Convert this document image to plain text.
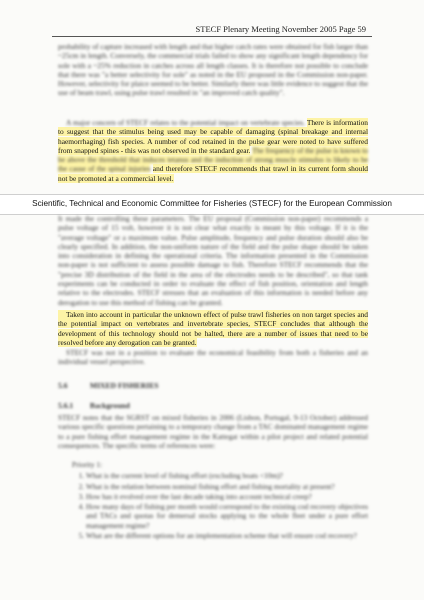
STECF Plenary Meeting November 2005 Page 59
probability of capture increased with length and that higher catch rates were obtained for fish larger than ~25cm in length. Conversely, the commercial trials failed to show any significant length dependency for sole with a ~25% reduction in catches across all length classes. It is therefore not possible to conclude that there was "a better selectivity for sole" as noted in the EU proposed in the Commission non-paper. However, selectivity for plaice seemed to be better. Similarly there was little evidence to suggest that the use of beam trawl, using pulse trawl resulted in "an improved catch quality".
A major concern of STECF relates to the potential impact on vertebrate species. There is information to suggest that the stimulus being used may be capable of damaging (spinal breakage and internal haemorrhaging) fish species. A number of cod retained in the pulse gear were noted to have suffered from snapped spines - this was not observed in the standard gear. The frequency of the pulse is known to be above the threshold that induces tetanus and the induction of strong muscle stimulus is likely to be the cause of the spinal injuries and therefore STECF recommends that trawl in its current form should not be promoted at a commercial level.
Scientific, Technical and Economic Committee for Fisheries (STECF) for the European Commission
It made the controlling these parameters. The EU proposal (Commission non-paper) recommends a pulse voltage of 15 volt, however it is not clear what exactly is meant by this voltage. If it is the "average voltage" or a maximum value. Pulse amplitude, frequency and pulse duration should also be clearly specified. In addition, the non-uniform nature of the field and the pulse shape should be taken into consideration in defining the operational criteria. The information presented in the Commission non-paper is not sufficient to assess possible damage to fish. Therefore STECF recommends that the "precise 3D distribution of the field in the area of the electrodes needs to be described", so that tank experiments can be conducted in order to evaluate the effect of fish position, orientation and length relative to the electrodes. STECF stresses that an evaluation of this information is needed before any derogation to use this method of fishing can be granted.
Taken into account in particular the unknown effect of pulse trawl fisheries on non target species and the potential impact on vertebrates and invertebrate species, STECF concludes that although the development of this technology should not be halted, there are a number of issues that need to be resolved before any derogation can be granted.
STECF was not in a position to evaluate the economical feasibility from both a fisheries and an individual vessel perspective.
5.6	MIXED FISHERIES
5.6.1 Background
STECF notes that the SGRST on mixed fisheries in 2006 (Lisbon, Portugal, 9-13 October) addressed various specific questions pertaining to a temporary change from a TAC dominated management regime to a pure fishing effort management regime in the Kattegat within a pilot project and related potential consequences. The specific terms of references were:
Priority 1:
1. What is the current level of fishing effort (excluding boats <10m)?
2. What is the relation between nominal fishing effort and fishing mortality at present?
3. How has it evolved over the last decade taking into account technical creep?
4. How many days of fishing per month would correspond to the existing cod recovery objectives and TACs and quotas for demersal stocks applying to the whole fleet under a pure effort management regime?
5. What are the different options for an implementation scheme that will ensure cod recovery?
